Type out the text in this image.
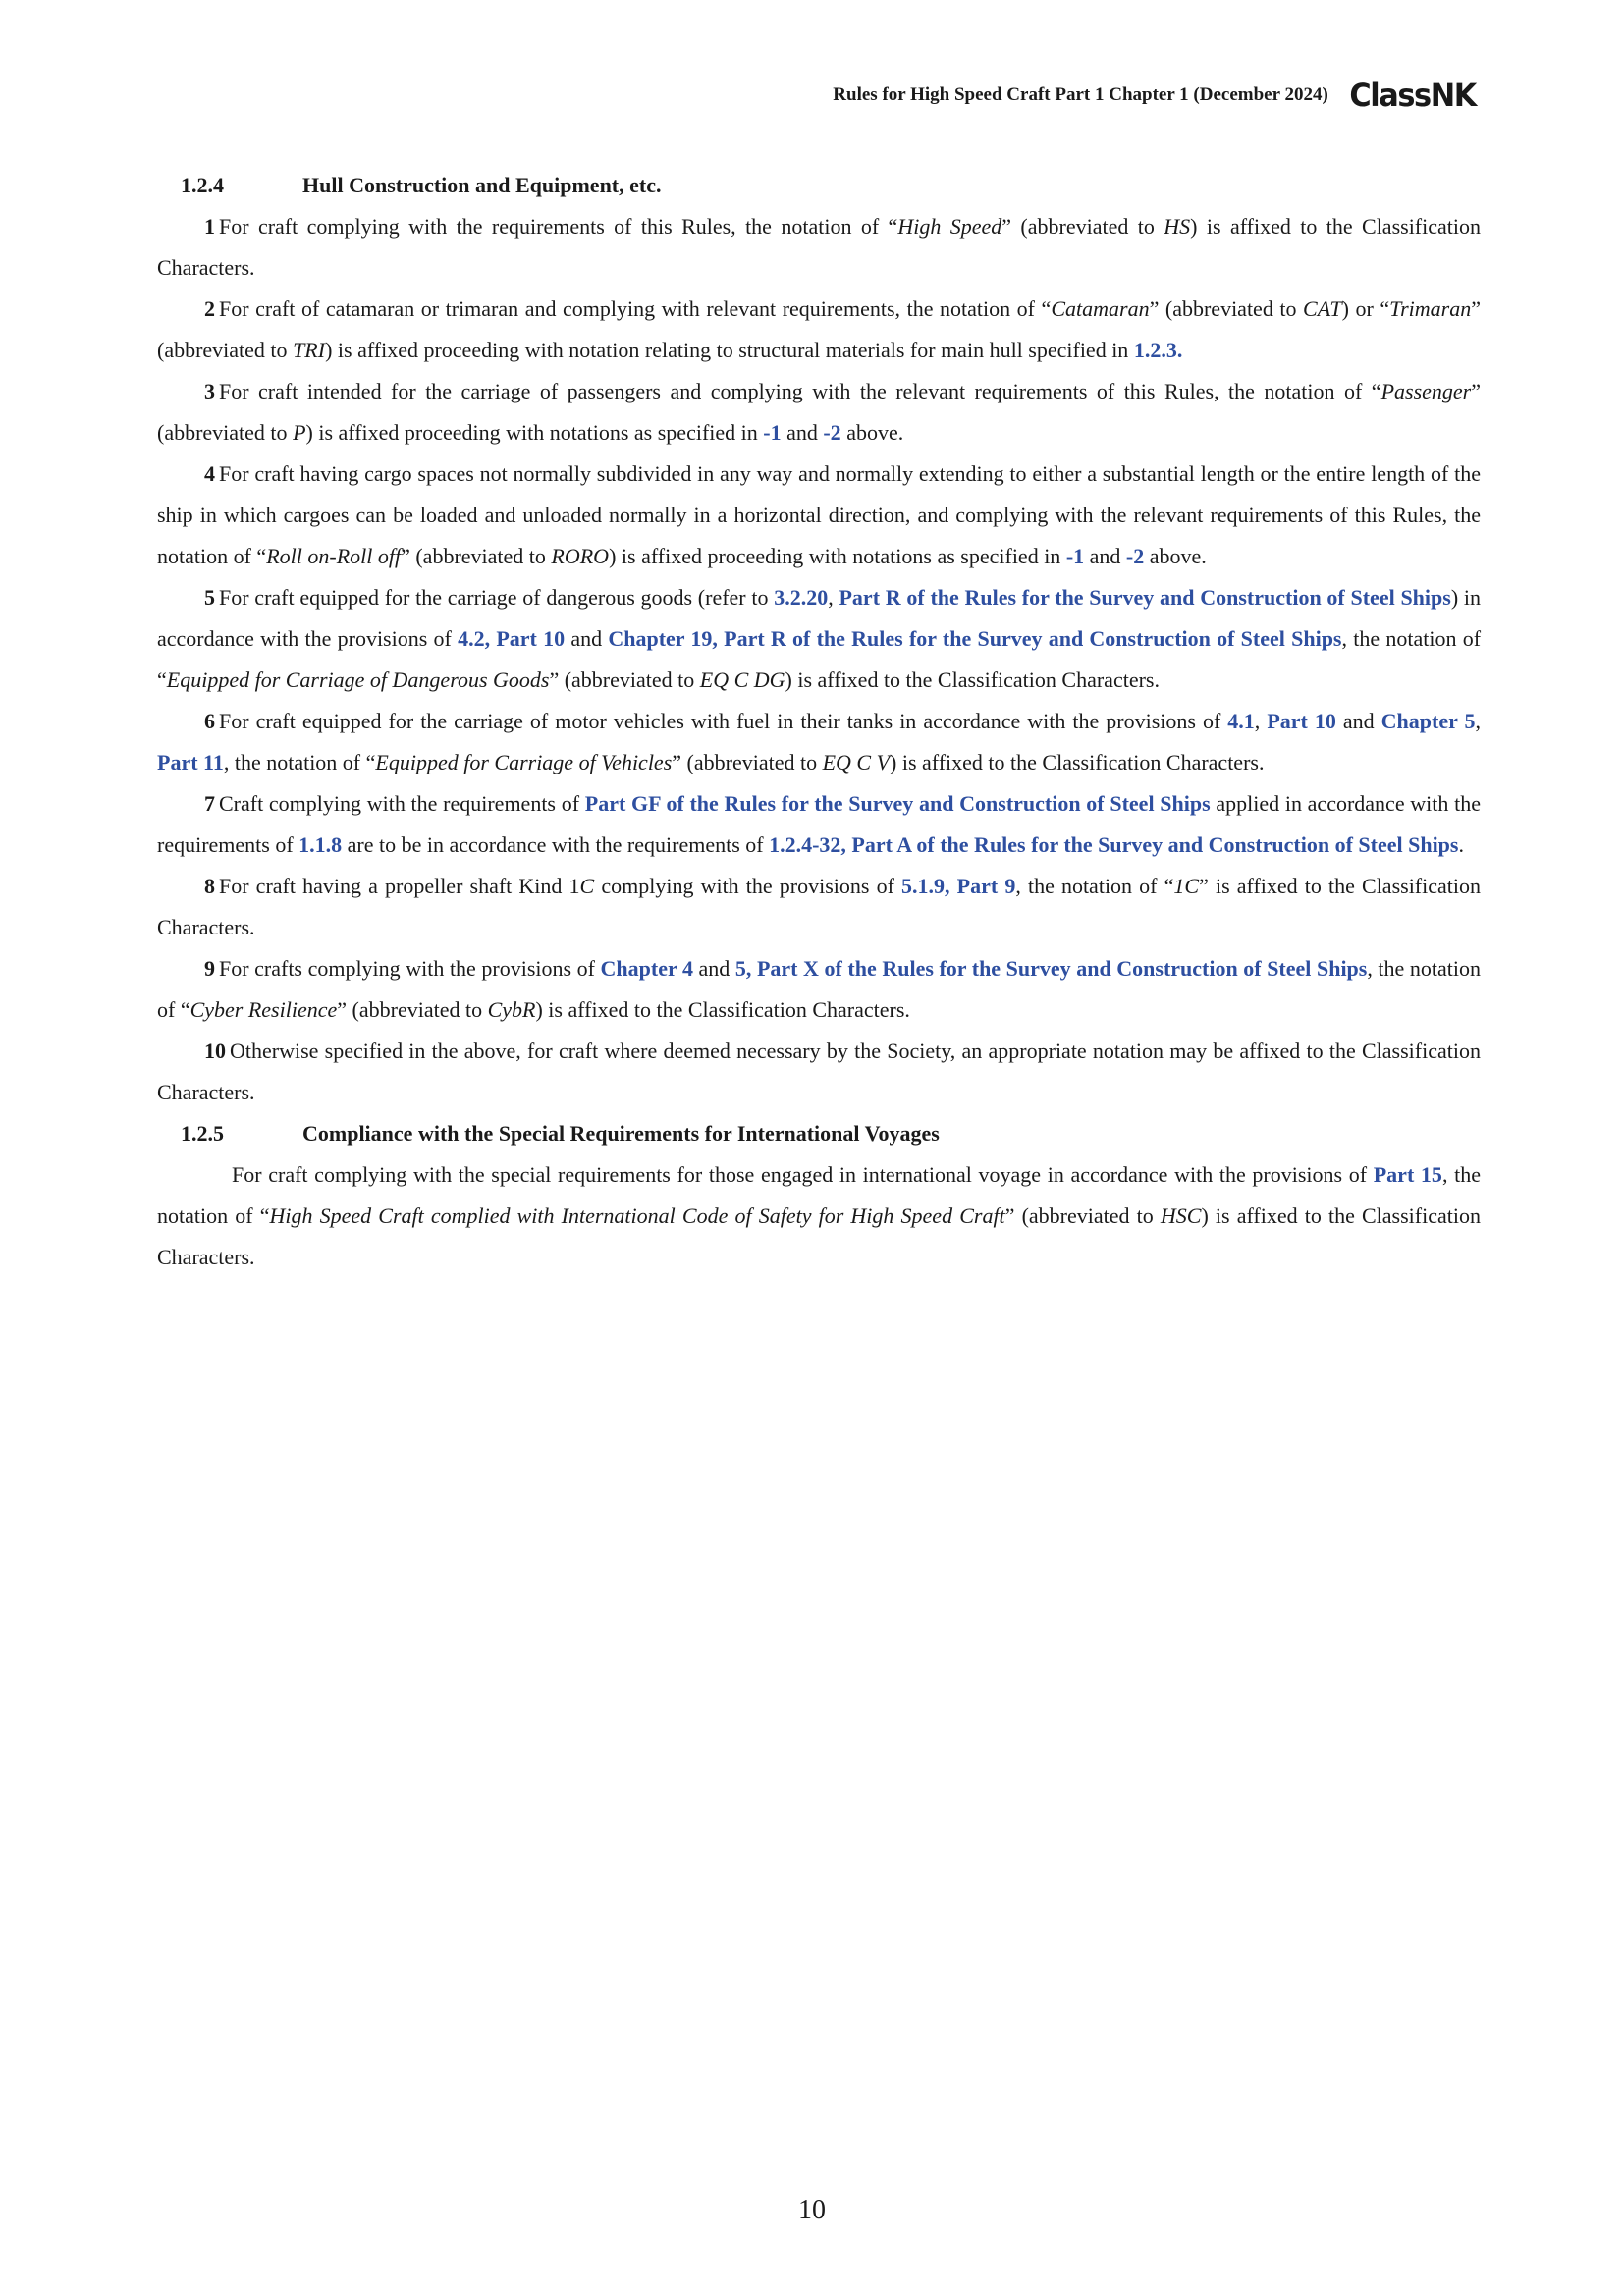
Rules for High Speed Craft Part 1 Chapter 1 (December 2024) ClassNK
1.2.4	Hull Construction and Equipment, etc.

1 For craft complying with the requirements of this Rules, the notation of “High Speed” (abbreviated to HS) is affixed to the Classification Characters.

2 For craft of catamaran or trimaran and complying with relevant requirements, the notation of “Catamaran” (abbreviated to CAT) or “Trimaran” (abbreviated to TRI) is affixed proceeding with notation relating to structural materials for main hull specified in 1.2.3.

3 For craft intended for the carriage of passengers and complying with the relevant requirements of this Rules, the notation of “Passenger” (abbreviated to P) is affixed proceeding with notations as specified in -1 and -2 above.

4 For craft having cargo spaces not normally subdivided in any way and normally extending to either a substantial length or the entire length of the ship in which cargoes can be loaded and unloaded normally in a horizontal direction, and complying with the relevant requirements of this Rules, the notation of “Roll on-Roll off” (abbreviated to RORO) is affixed proceeding with notations as specified in -1 and -2 above.

5 For craft equipped for the carriage of dangerous goods (refer to 3.2.20, Part R of the Rules for the Survey and Construction of Steel Ships) in accordance with the provisions of 4.2, Part 10 and Chapter 19, Part R of the Rules for the Survey and Construction of Steel Ships, the notation of “Equipped for Carriage of Dangerous Goods” (abbreviated to EQ C DG) is affixed to the Classification Characters.

6 For craft equipped for the carriage of motor vehicles with fuel in their tanks in accordance with the provisions of 4.1, Part 10 and Chapter 5, Part 11, the notation of “Equipped for Carriage of Vehicles” (abbreviated to EQ C V) is affixed to the Classification Characters.

7 Craft complying with the requirements of Part GF of the Rules for the Survey and Construction of Steel Ships applied in accordance with the requirements of 1.1.8 are to be in accordance with the requirements of 1.2.4-32, Part A of the Rules for the Survey and Construction of Steel Ships.

8 For craft having a propeller shaft Kind 1C complying with the provisions of 5.1.9, Part 9, the notation of “1C” is affixed to the Classification Characters.

9 For crafts complying with the provisions of Chapter 4 and 5, Part X of the Rules for the Survey and Construction of Steel Ships, the notation of “Cyber Resilience” (abbreviated to CybR) is affixed to the Classification Characters.

10 Otherwise specified in the above, for craft where deemed necessary by the Society, an appropriate notation may be affixed to the Classification Characters.

1.2.5	Compliance with the Special Requirements for International Voyages

For craft complying with the special requirements for those engaged in international voyage in accordance with the provisions of Part 15, the notation of “High Speed Craft complied with International Code of Safety for High Speed Craft” (abbreviated to HSC) is affixed to the Classification Characters.

10
